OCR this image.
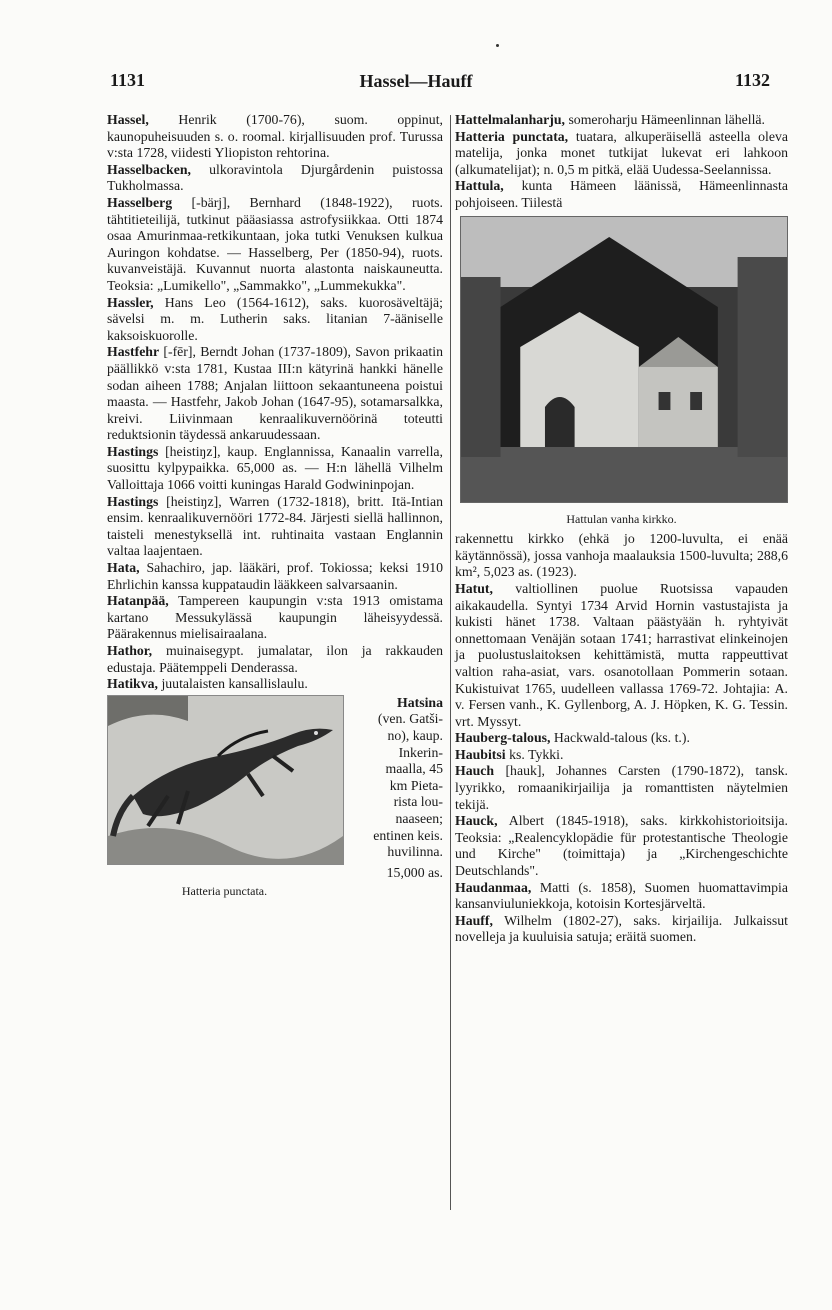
1131	Hassel—Hauff	1132

Hassel, Henrik (1700-76), suom. oppinut, kaunopuheisuuden s. o. roomal. kirjallisuuden prof. Turussa v:sta 1728, viidesti Yliopiston rehtorina.

Hasselbacken, ulkoravintola Djurgårdenin puistossa Tukholmassa.

Hasselberg [-bärj], Bernhard (1848-1922), ruots. tähtitieteilijä, tutkinut pääasiassa astrofysiikkaa. Otti 1874 osaa Amurinmaa-retkikuntaan, joka tutki Venuksen kulkua Auringon kohdatse. — Hasselberg, Per (1850-94), ruots. kuvanveistäjä. Kuvannut nuorta alastonta naiskauneutta. Teoksia: „Lumikello", „Sammakko", „Lummekukka".

Hassler, Hans Leo (1564-1612), saks. kuorosäveltäjä; sävelsi m. m. Lutherin saks. litanian 7-ääniselle kaksoiskuorolle.

Hastfehr [-fēr], Berndt Johan (1737-1809), Savon prikaatin päällikkö v:sta 1781, Kustaa III:n kätyrinä hankki hänelle sodan aiheen 1788; Anjalan liittoon sekaantuneena poistui maasta. — Hastfehr, Jakob Johan (1647-95), sotamarsalkka, kreivi. Liivinmaan kenraalikuvernöörinä toteutti reduktsionin täydessä ankaruudessaan.

Hastings [heistiŋz], kaup. Englannissa, Kanaalin varrella, suosittu kylpypaikka. 65,000 as. — H:n lähellä Vilhelm Valloittaja 1066 voitti kuningas Harald Godwininpojan.

Hastings [heistiŋz], Warren (1732-1818), britt. Itä-Intian ensim. kenraalikuvernööri 1772-84. Järjesti siellä hallinnon, taisteli menestyksellä int. ruhtinaita vastaan Englannin valtaa laajentaen.

Hata, Sahachiro, jap. lääkäri, prof. Tokiossa; keksi 1910 Ehrlichin kanssa kuppataudin lääkkeen salvarsaanin.

Hatanpää, Tampereen kaupungin v:sta 1913 omistama kartano Messukylässä kaupungin läheisyydessä. Päärakennus mielisairaalana.

Hathor, muinaisegypt. jumalatar, ilon ja rakkauden edustaja. Päätemppeli Denderassa.

Hatikva, juutalaisten kansallislaulu.

Hatsina
(ven. Gatši-
no), kaup.
Inkerin-
maalla, 45
km Pieta-
rista lou-
naaseen;
entinen keis.
huvilinna.
15,000 as.
Hatteria punctata.

Hattelmalanharju, someroharju Hämeenlinnan lähellä.

Hatteria punctata, tuatara, alkuperäisellä asteella oleva matelija, jonka monet tutkijat lukevat eri lahkoon (alkumatelijat); n. 0,5 m pitkä, elää Uudessa-Seelannissa.

Hattula, kunta Hämeen läänissä, Hämeenlinnasta pohjoiseen. Tiilestä

Hattulan vanha kirkko.

rakennettu kirkko (ehkä jo 1200-luvulta, ei enää käytännössä), jossa vanhoja maalauksia 1500-luvulta; 288,6 km², 5,023 as. (1923).

Hatut, valtiollinen puolue Ruotsissa vapauden aikakaudella. Syntyi 1734 Arvid Hornin vastustajista ja kukisti hänet 1738. Valtaan päästyään h. ryhtyivät onnettomaan Venäjän sotaan 1741; harrastivat elinkeinojen ja puolustuslaitoksen kehittämistä, mutta rappeuttivat valtion raha-asiat, vars. osanotollaan Pommerin sotaan. Kukistuivat 1765, uudelleen vallassa 1769-72. Johtajia: A. v. Fersen vanh., K. Gyllenborg, A. J. Höpken, K. G. Tessin. vrt. Myssyt.

Hauberg-talous, Hackwald-talous (ks. t.).

Haubitsi ks. Tykki.

Hauch [hauk], Johannes Carsten (1790-1872), tansk. lyyrikko, romaanikirjailija ja romanttisten näytelmien tekijä.

Hauck, Albert (1845-1918), saks. kirkkohistorioitsija. Teoksia: „Realencyklopädie für protestantische Theologie und Kirche" (toimittaja) ja „Kirchengeschichte Deutschlands".

Haudanmaa, Matti (s. 1858), Suomen huomattavimpia kansanviuluniekkoja, kotoisin Kortesjärveltä.

Hauff, Wilhelm (1802-27), saks. kirjailija. Julkaissut novelleja ja kuuluisia satuja; eräitä suomen.
